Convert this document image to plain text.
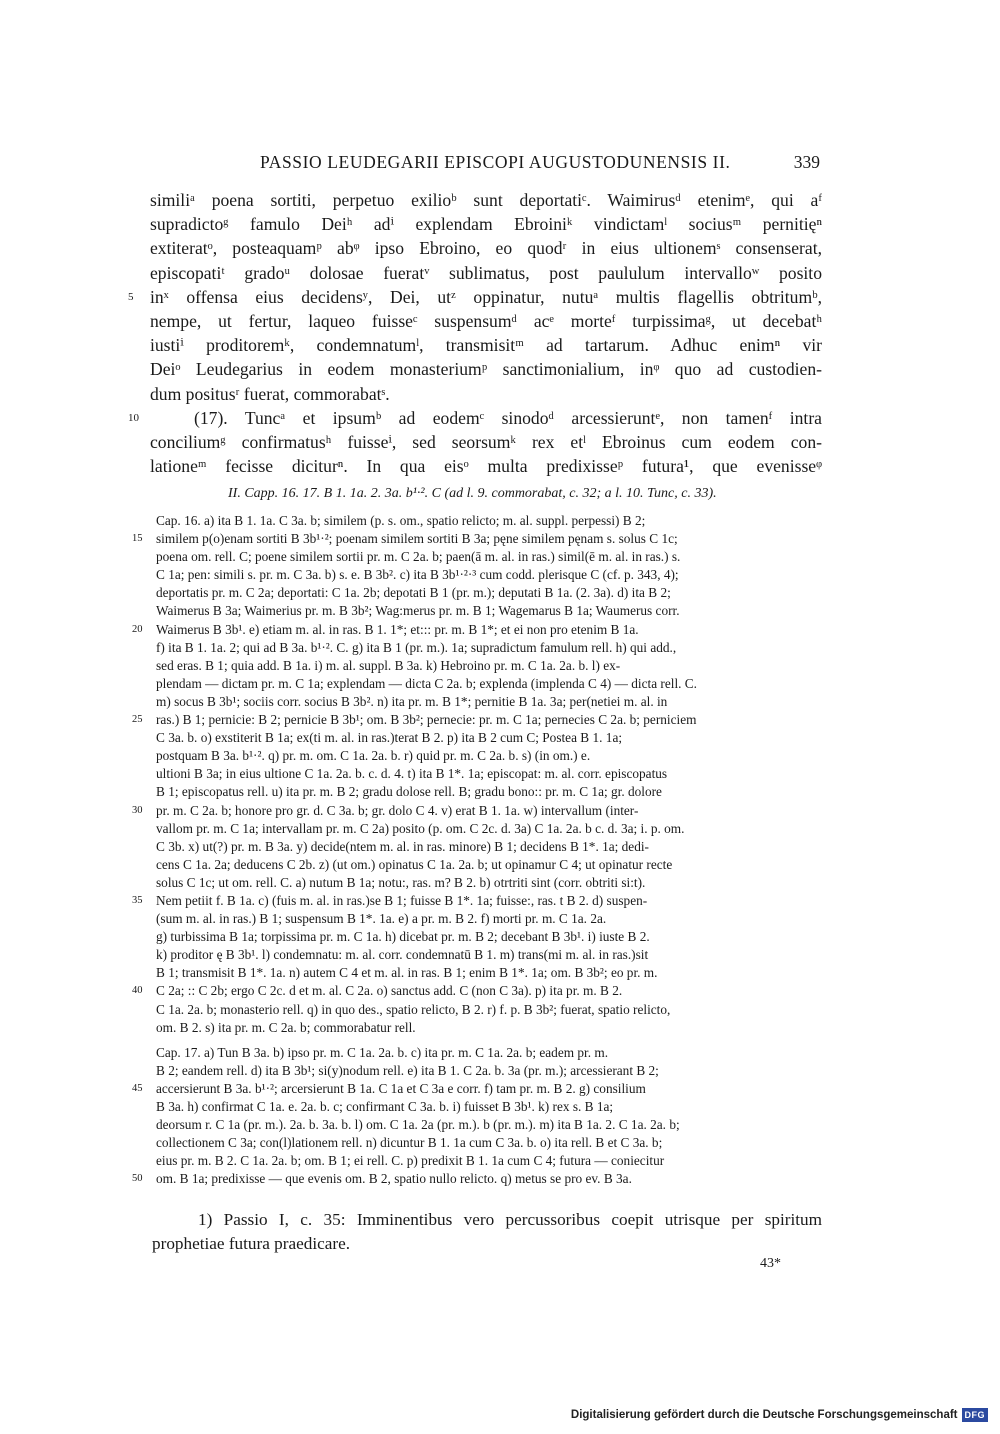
PASSIO LEUDEGARII EPISCOPI AUGUSTODUNENSIS II.	339
similiᵃ poena sortiti, perpetuo exilioᵇ sunt deportatiᶜ. Waimirusᵈ etenimᵉ, qui aᶠ
supradictoᵍ famulo Deiʰ adⁱ explendam Ebroiniᵏ vindictamˡ sociusᵐ pernitięⁿ
extiteratᵒ, posteaquamᵖ abᵠ ipso Ebroino, eo quodʳ in eius ultionemˢ consenserat,
episcopatiᵗ gradoᵘ dolosae fueratᵛ sublimatus, post paululum intervalloʷ posito
5 inˣ offensa eius decidensʸ, Dei, utᶻ oppinatur, nutuᵃ multis flagellis obtritumᵇ,
nempe, ut fertur, laqueo fuisseᶜ suspensumᵈ acᵉ morteᶠ turpissimaᵍ, ut decebatʰ
iustiⁱ proditoremᵏ, condemnatumˡ, transmisitᵐ ad tartarum. Adhuc enimⁿ vir
Deiᵒ Leudegarius in eodem monasteriumᵖ sanctimonialium, inᵠ quo ad custodien-
dum positusʳ fuerat, commorabatˢ.
10	(17). Tuncᵃ et ipsumᵇ ad eodemᶜ sinodoᵈ arcessieruntᵉ, non tamenᶠ intra
conciliumᵍ confirmatusʰ fuisseⁱ, sed seorsumᵏ rex etˡ Ebroinus cum eodem con-
lationeᵐ fecisse diciturⁿ. In qua eisᵒ multa predixisseᵖ futura¹, que evenisseᵠ
II. Capp. 16. 17. B 1. 1a. 2. 3a. b¹·². C (ad l. 9. commorabat, c. 32; a l. 10. Tunc, c. 33).
Cap. 16. a) ita B 1. 1a. C 3a. b; similem (p. s. om., spatio relicto; m. al. suppl. perpessi) B 2;
15 similem p(o)enam sortiti B 3b¹·²; poenam similem sortiti B 3a; pęne similem pęnam s. solus C 1c;
poena om. rell. C; poene similem sortii pr. m. C 2a. b; paen(ā m. al. in ras.) simil(ē m. al. in ras.) s.
C 1a; pen: simili s. pr. m. C 3a. b) s. e. B 3b². c) ita B 3b¹·²·³ cum codd. plerisque C (cf. p. 343, 4);
deportatis pr. m. C 2a; deportati: C 1a. 2b; depotati B 1 (pr. m.); deputati B 1a. (2. 3a). d) ita B 2;
Waimerus B 3a; Waimerius pr. m. B 3b²; Wag:merus pr. m. B 1; Wagemarus B 1a; Waumerus corr.
20 Waimerus B 3b¹. e) etiam m. al. in ras. B 1. 1*; et::: pr. m. B 1*; et ei non pro etenim B 1a.
f) ita B 1. 1a. 2; qui ad B 3a. b¹·². C. g) ita B 1 (pr. m.). 1a; supradictum famulum rell. h) qui add.,
sed eras. B 1; quia add. B 1a. i) m. al. suppl. B 3a. k) Hebroino pr. m. C 1a. 2a. b. l) ex-
plendam — dictam pr. m. C 1a; explendam — dicta C 2a. b; explenda (implenda C 4) — dicta rell. C.
m) socus B 3b¹; sociis corr. socius B 3b². n) ita pr. m. B 1*; pernitie B 1a. 3a; per(netiei m. al. in
25 ras.) B 1; pernicie: B 2; pernicie B 3b¹; om. B 3b²; pernecie: pr. m. C 1a; pernecies C 2a. b; perniciem
C 3a. b. o) exstiterit B 1a; ex(ti m. al. in ras.)terat B 2. p) ita B 2 cum C; Postea B 1. 1a;
postquam B 3a. b¹·². q) pr. m. om. C 1a. 2a. b. r) quid pr. m. C 2a. b. s) (in om.) e.
ultioni B 3a; in eius ultione C 1a. 2a. b. c. d. 4. t) ita B 1*. 1a; episcopat: m. al. corr. episcopatus
B 1; episcopatus rell. u) ita pr. m. B 2; gradu dolose rell. B; gradu bono:: pr. m. C 1a; gr. dolore
30 pr. m. C 2a. b; honore pro gr. d. C 3a. b; gr. dolo C 4. v) erat B 1. 1a. w) intervallum (inter-
vallom pr. m. C 1a; intervallam pr. m. C 2a) posito (p. om. C 2c. d. 3a) C 1a. 2a. b c. d. 3a; i. p. om.
C 3b. x) ut(?) pr. m. B 3a. y) decide(ntem m. al. in ras. minore) B 1; decidens B 1*. 1a; dedi-
cens C 1a. 2a; deducens C 2b. z) (ut om.) opinatus C 1a. 2a. b; ut opinamur C 4; ut opinatur recte
solus C 1c; ut om. rell. C. a) nutum B 1a; notu:, ras. m? B 2. b) otrtriti sint (corr. obtriti si:t).
35 Nem petiit f. B 1a. c) (fuis m. al. in ras.)se B 1; fuisse B 1*. 1a; fuisse:, ras. t B 2. d) suspen-
(sum m. al. in ras.) B 1; suspensum B 1*. 1a. e) a pr. m. B 2. f) morti pr. m. C 1a. 2a.
g) turbissima B 1a; torpissima pr. m. C 1a. h) dicebat pr. m. B 2; decebant B 3b¹. i) iuste B 2.
k) proditor ę B 3b¹. l) condemnatu: m. al. corr. condemnatū B 1. m) trans(mi m. al. in ras.)sit
B 1; transmisit B 1*. 1a. n) autem C 4 et m. al. in ras. B 1; enim B 1*. 1a; om. B 3b²; eo pr. m.
40 C 2a; :: C 2b; ergo C 2c. d et m. al. C 2a. o) sanctus add. C (non C 3a). p) ita pr. m. B 2.
C 1a. 2a. b; monasterio rell. q) in quo des., spatio relicto, B 2. r) f. p. B 3b²; fuerat, spatio relicto,
om. B 2. s) ita pr. m. C 2a. b; commorabatur rell.
Cap. 17. a) Tun B 3a. b) ipso pr. m. C 1a. 2a. b. c) ita pr. m. C 1a. 2a. b; eadem pr. m.
B 2; eandem rell. d) ita B 3b¹; si(y)nodum rell. e) ita B 1. C 2a. b. 3a (pr. m.); arcessierant B 2;
45 accersierunt B 3a. b¹·²; arcersierunt B 1a. C 1a et C 3a e corr. f) tam pr. m. B 2. g) consilium
B 3a. h) confirmat C 1a. e. 2a. b. c; confirmant C 3a. b. i) fuisset B 3b¹. k) rex s. B 1a;
deorsum r. C 1a (pr. m.). 2a. b. 3a. b. l) om. C 1a. 2a (pr. m.). b (pr. m.). m) ita B 1a. 2. C 1a. 2a. b;
collectionem C 3a; con(l)lationem rell. n) dicuntur B 1. 1a cum C 3a. b. o) ita rell. B et C 3a. b;
eius pr. m. B 2. C 1a. 2a. b; om. B 1; ei rell. C. p) predixit B 1. 1a cum C 4; futura — coniecitur
50 om. B 1a; predixisse — que evenis om. B 2, spatio nullo relicto. q) metus se pro ev. B 3a.
1) Passio I, c. 35: Imminentibus vero percussoribus coepit utrisque per spiritum
prophetiae futura praedicare.
43*
Digitalisierung gefördert durch die Deutsche Forschungsgemeinschaft DFG
